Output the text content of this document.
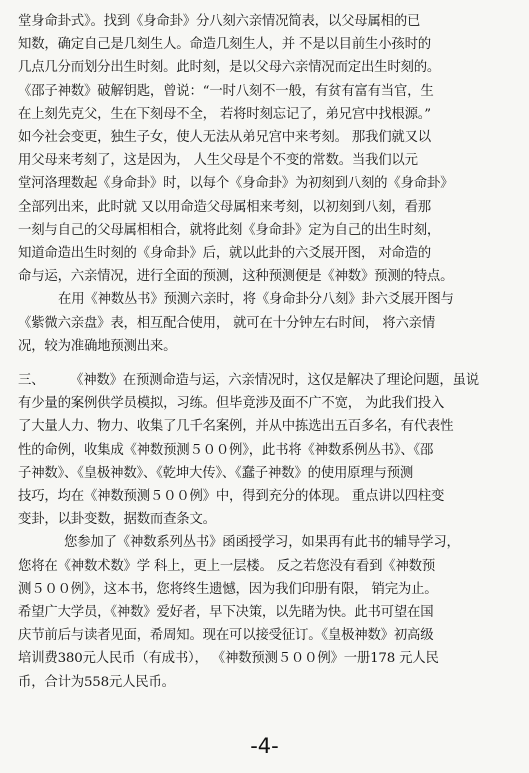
堂身命卦式》。找到《身命卦》分八刻六亲情况简表，以父母属相的已
知数，确定自己是几刻生人。命造几刻生人，并 不是以目前生小孩时的
几点几分而划分出生时刻。此时刻，是以父母六亲情况而定出生时刻的。
《邵子神数》破解钥匙，曾说：“一时八刻不一般，有贫有富有当官，生
在上刻先克父，生在下刻母不全， 若将时刻忘记了，弟兄宫中找根源。”
如今社会变更，独生子女，使人无法从弟兄宫中来考刻。 那我们就又以
用父母来考刻了，这是因为， 人生父母是个不变的常数。当我们以元
堂河洛理数起《身命卦》时，以每个《身命卦》为初刻到八刻的《身命卦》
全部列出来，此时就 又以用命造父母属相来考刻，以初刻到八刻，看那
一刻与自己的父母属相相合，就将此刻《身命卦》定为自己的出生时刻，
知道命造出生时刻的《身命卦》后，就以此卦的六爻展开图， 对命造的
命与运，六亲情况，进行全面的预测，这种预测便是《神数》预测的特点。
在用《神数丛书》预测六亲时，将《身命卦分八刻》卦六爻展开图与
《紫微六亲盘》表，相互配合使用， 就可在十分钟左右时间， 将六亲情
况，较为准确地预测出来。
三、 《神数》在预测命造与运，六亲情况时，这仅是解决了理论问题，虽说
有少量的案例供学员模拟，习练。但毕竟涉及面不广不宽， 为此我们投入
了大量人力、物力、收集了几千名案例，并从中拣选出五百多名，有代表性
性的命例，收集成《神数预测５００例》，此书将《神数系例丛书》、《邵
子神数》、《皇极神数》、《乾坤大传》、《蠢子神数》的使用原理与预测
技巧，均在《神数预测５００例》中，得到充分的体现。 重点讲以四柱变
变卦，以卦变数，据数而查条文。
您参加了《神数系列丛书》函函授学习，如果再有此书的辅导学习，
您将在《神数术数》学 科上，更上一层楼。 反之若您没有看到《神数预
测５００例》，这本书，您将终生遗憾，因为我们印册有限， 销完为止。
希望广大学员，《神数》爱好者，早下决策，以先睹为快。此书可望在国
庆节前后与读者见面，希周知。现在可以接受征订。《皇极神数》初高级
培训费380元人民币（有成书）， 《神数预测５００例》一册178 元人民
币，合计为558元人民币。
-4-
